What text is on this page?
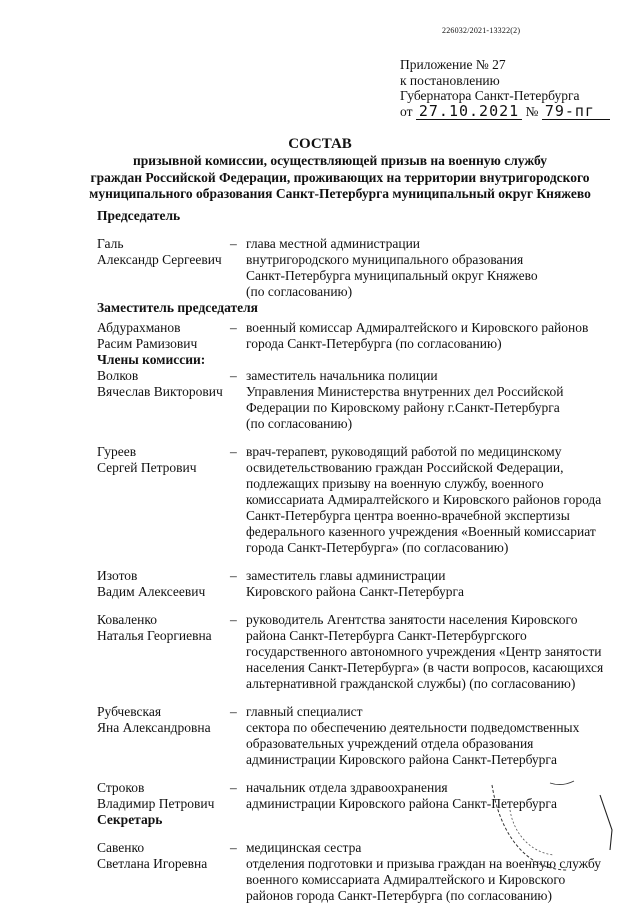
226032/2021-13322(2)
Приложение № 27
к постановлению
Губернатора Санкт-Петербурга
от 27.10.2021 № 79-пг
СОСТАВ
призывной комиссии, осуществляющей призыв на военную службу
граждан Российской Федерации, проживающих на территории внутригородского
муниципального образования Санкт-Петербурга муниципальный округ Княжево
Председатель
Галь
Александр Сергеевич
– глава местной администрации
внутригородского муниципального образования
Санкт-Петербурга муниципальный округ Княжево
(по согласованию)
Заместитель председателя
Абдурахманов
Расим Рамизович
– военный комиссар Адмиралтейского и Кировского районов
города Санкт-Петербурга (по согласованию)
Члены комиссии:
Волков
Вячеслав Викторович
– заместитель начальника полиции
Управления Министерства внутренних дел Российской
Федерации по Кировскому району г.Санкт-Петербурга
(по согласованию)
Гуреев
Сергей Петрович
– врач-терапевт, руководящий работой по медицинскому
освидетельствованию граждан Российской Федерации,
подлежащих призыву на военную службу, военного
комиссариата Адмиралтейского и Кировского районов города
Санкт-Петербурга центра военно-врачебной экспертизы
федерального казенного учреждения «Военный комиссариат
города Санкт-Петербурга» (по согласованию)
Изотов
Вадим Алексеевич
– заместитель главы администрации
Кировского района Санкт-Петербурга
Коваленко
Наталья Георгиевна
– руководитель Агентства занятости населения Кировского
района Санкт-Петербурга Санкт-Петербургского
государственного автономного учреждения «Центр занятости
населения Санкт-Петербурга» (в части вопросов, касающихся
альтернативной гражданской службы) (по согласованию)
Рубчевская
Яна Александровна
– главный специалист
сектора по обеспечению деятельности подведомственных
образовательных учреждений отдела образования
администрации Кировского района Санкт-Петербурга
Строков
Владимир Петрович
– начальник отдела здравоохранения
администрации Кировского района Санкт-Петербурга
Секретарь
Савенко
Светлана Игоревна
– медицинская сестра
отделения подготовки и призыва граждан на военную службу
военного комиссариата Адмиралтейского и Кировского
районов города Санкт-Петербурга (по согласованию)
